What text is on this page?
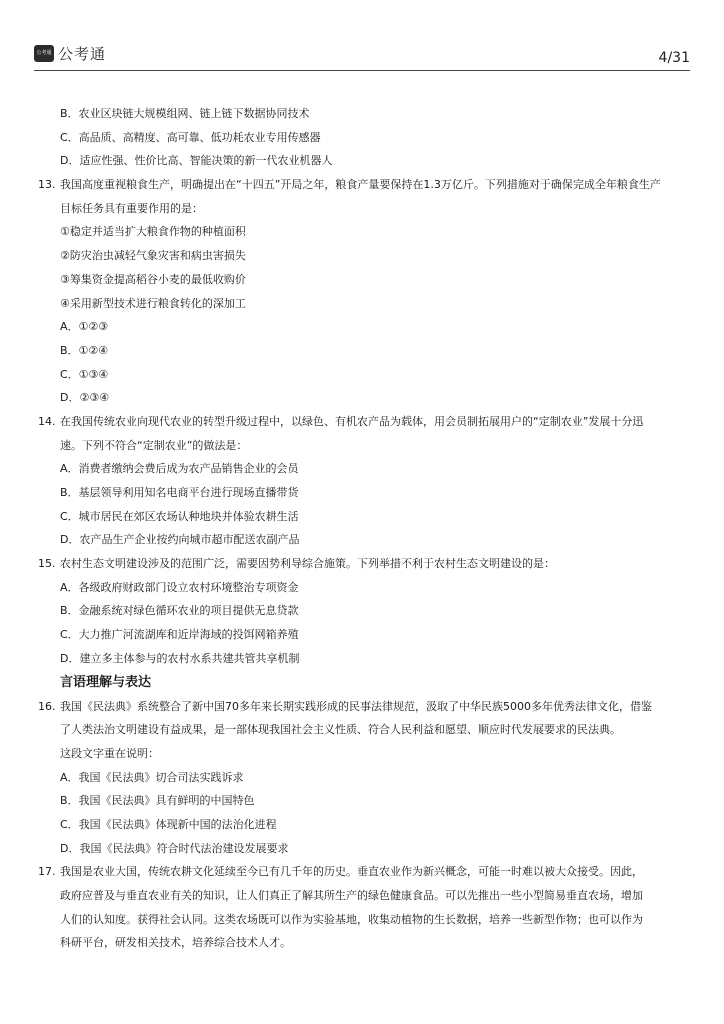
公考通 公考通	4/31
B．农业区块链大规模组网、链上链下数据协同技术
C．高品质、高精度、高可靠、低功耗农业专用传感器
D．适应性强、性价比高、智能决策的新一代农业机器人
13. 我国高度重视粮食生产，明确提出在“十四五”开局之年，粮食产量要保持在1.3万亿斤。下列措施对于确保完成全年粮食生产
目标任务具有重要作用的是：
①稳定并适当扩大粮食作物的种植面积
②防灾治虫减轻气象灾害和病虫害损失
③筹集资金提高稻谷小麦的最低收购价
④采用新型技术进行粮食转化的深加工
A．①②③
B．①②④
C．①③④
D．②③④
14. 在我国传统农业向现代农业的转型升级过程中，以绿色、有机农产品为载体，用会员制拓展用户的“定制农业”发展十分迅
速。下列不符合“定制农业”的做法是：
A．消费者缴纳会费后成为农产品销售企业的会员
B．基层领导利用知名电商平台进行现场直播带货
C．城市居民在郊区农场认种地块并体验农耕生活
D．农产品生产企业按约向城市超市配送农副产品
15. 农村生态文明建设涉及的范围广泛，需要因势利导综合施策。下列举措不利于农村生态文明建设的是：
A．各级政府财政部门设立农村环境整治专项资金
B．金融系统对绿色循环农业的项目提供无息贷款
C．大力推广河流湖库和近岸海域的投饵网箱养殖
D．建立多主体参与的农村水系共建共管共享机制
言语理解与表达
16. 我国《民法典》系统整合了新中国70多年来长期实践形成的民事法律规范，汲取了中华民族5000多年优秀法律文化，借鉴
了人类法治文明建设有益成果，是一部体现我国社会主义性质、符合人民利益和愿望、顺应时代发展要求的民法典。
这段文字重在说明：
A．我国《民法典》切合司法实践诉求
B．我国《民法典》具有鲜明的中国特色
C．我国《民法典》体现新中国的法治化进程
D．我国《民法典》符合时代法治建设发展要求
17. 我国是农业大国，传统农耕文化延续至今已有几千年的历史。垂直农业作为新兴概念，可能一时难以被大众接受。因此，
政府应普及与垂直农业有关的知识，让人们真正了解其所生产的绿色健康食品。可以先推出一些小型简易垂直农场，增加
人们的认知度。获得社会认同。这类农场既可以作为实验基地，收集动植物的生长数据，培养一些新型作物；也可以作为
科研平台，研发相关技术，培养综合技术人才。
